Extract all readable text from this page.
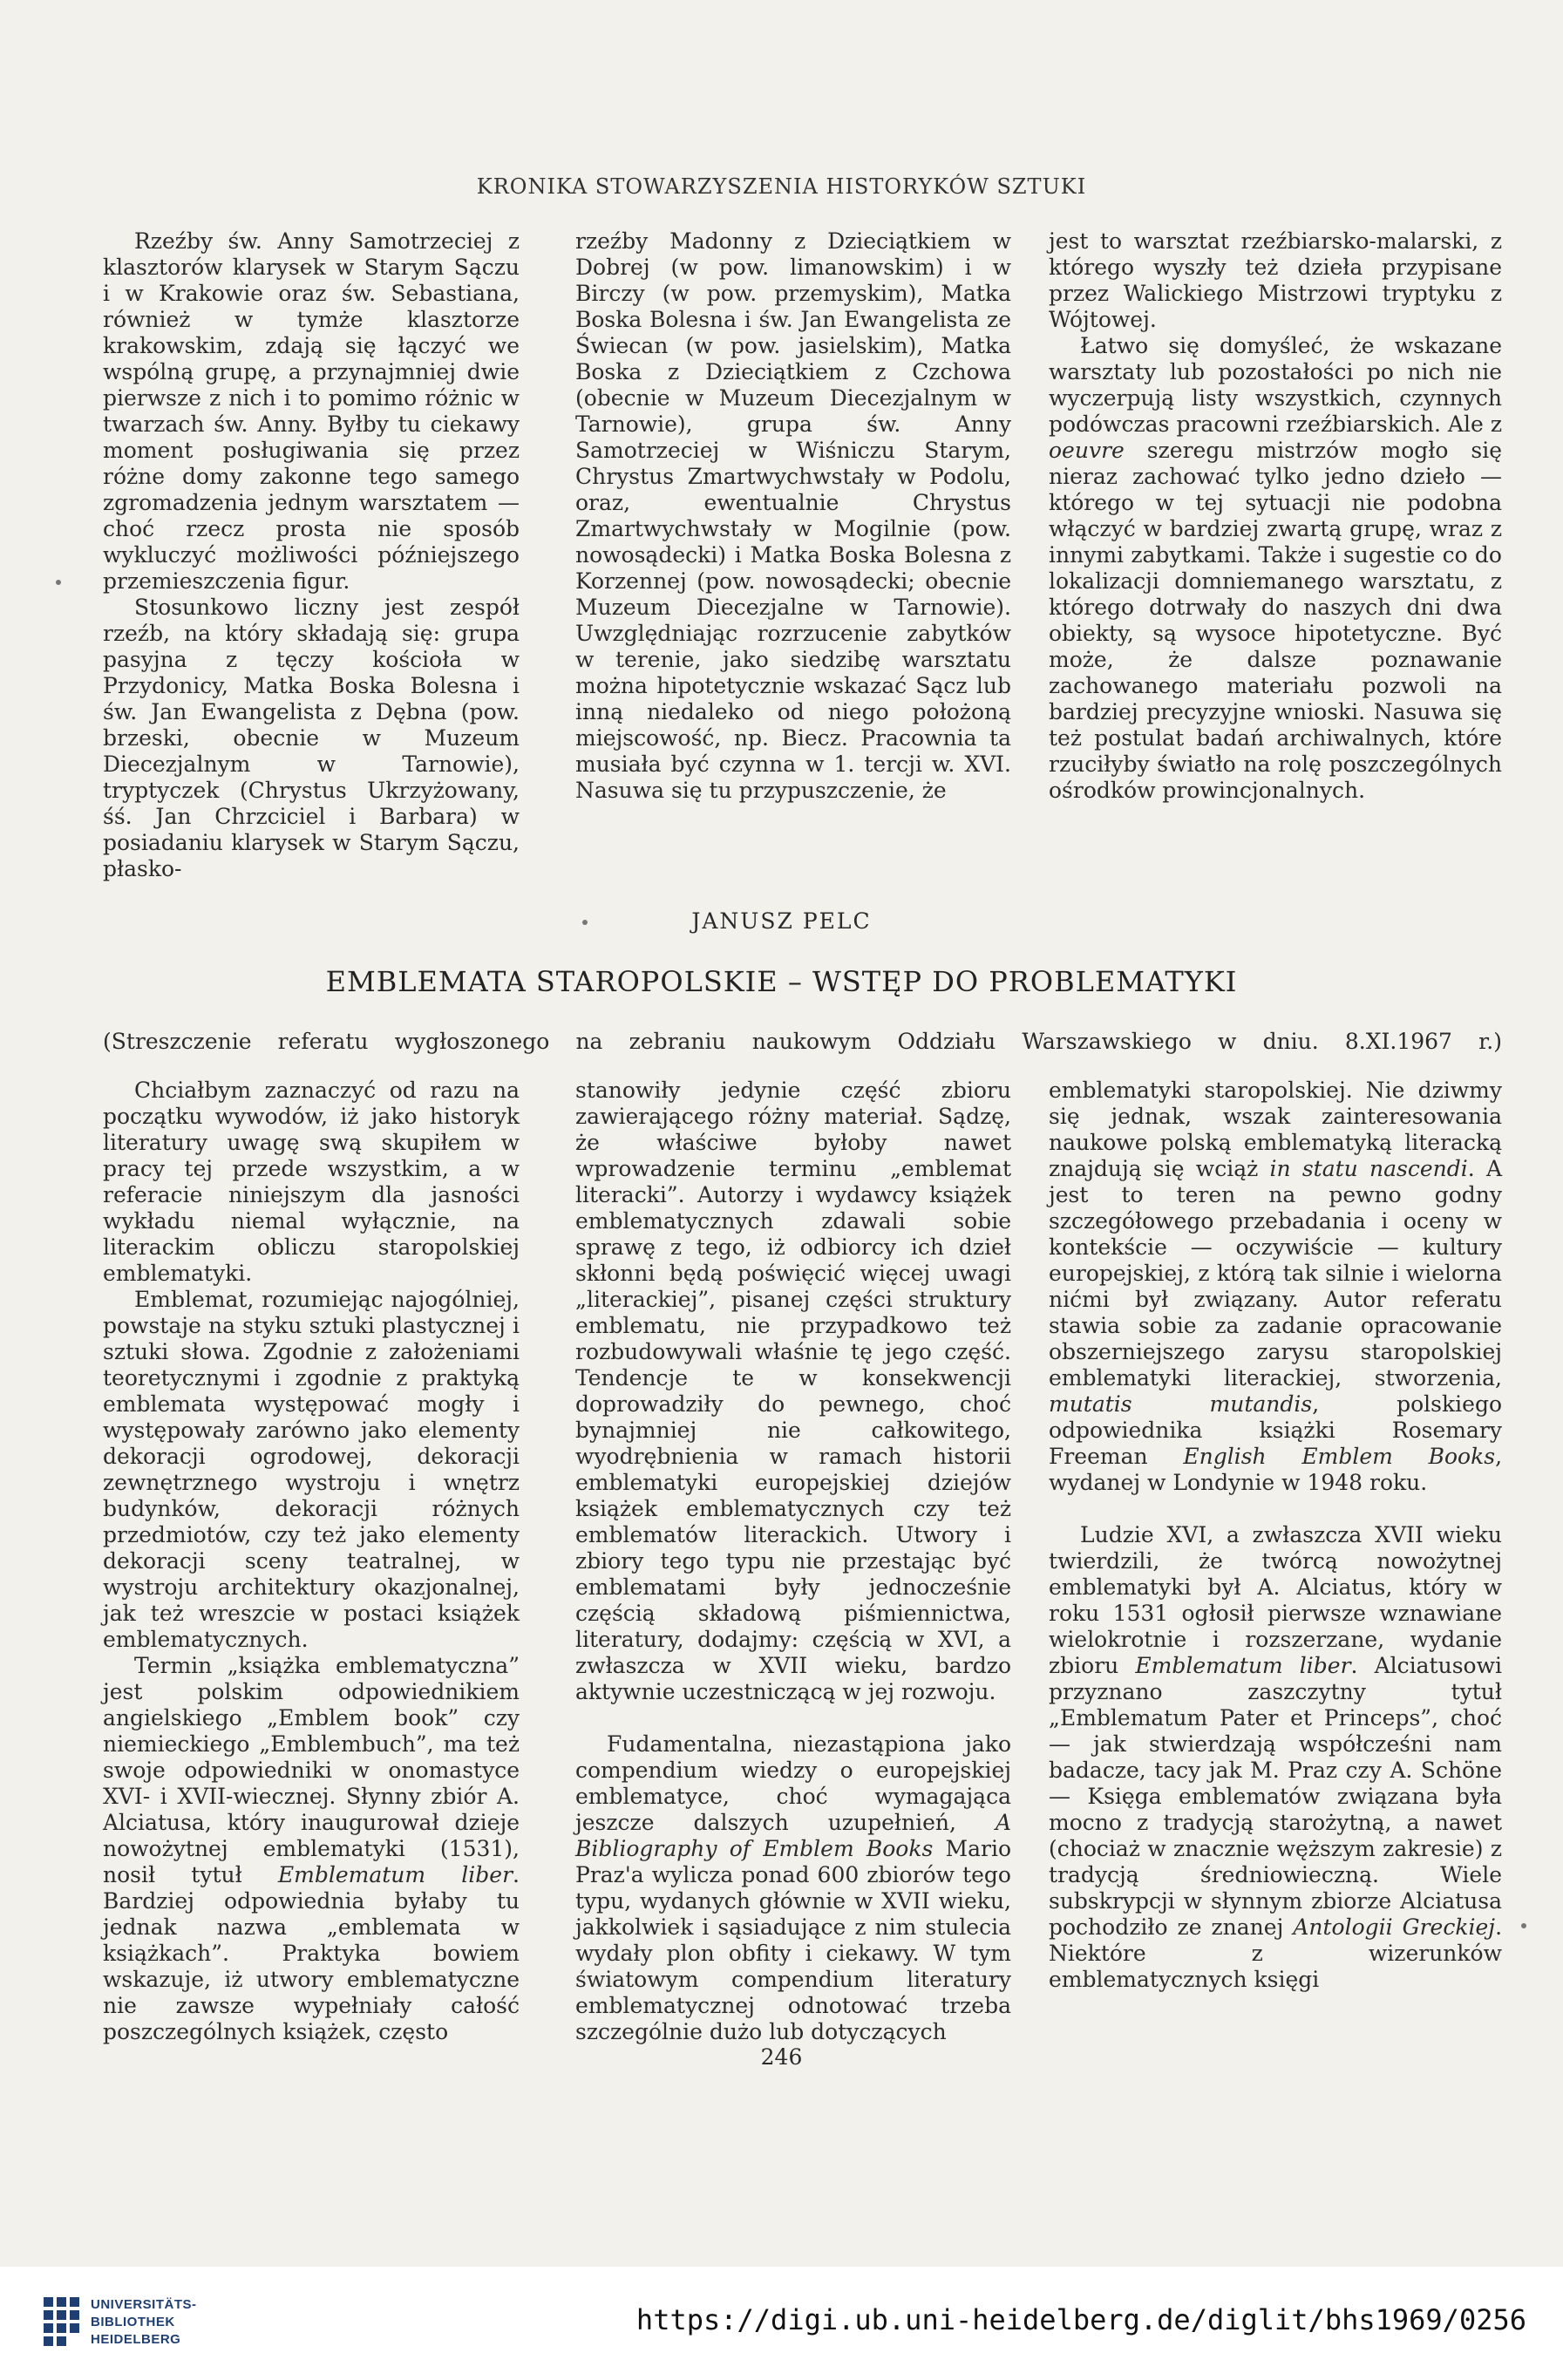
KRONIKA STOWARZYSZENIA HISTORYKÓW SZTUKI

Rzeźby św. Anny Samotrzeciej z klasztorów klarysek w Starym Sączu i w Krakowie oraz św. Sebastiana, również w tymże klasztorze krakowskim, zdają się łączyć we wspólną grupę, a przynajmniej dwie pierwsze z nich i to pomimo różnic w twarzach św. Anny. Byłby tu ciekawy moment posługiwania się przez różne domy zakonne tego samego zgromadzenia jednym warsztatem — choć rzecz prosta nie sposób wykluczyć możliwości późniejszego przemieszczenia figur.

Stosunkowo liczny jest zespół rzeźb, na który składają się: grupa pasyjna z tęczy kościoła w Przydonicy, Matka Boska Bolesna i św. Jan Ewangelista z Dębna (pow. brzeski, obecnie w Muzeum Diecezjalnym w Tarnowie), tryptyczek (Chrystus Ukrzyżowany, śś. Jan Chrzciciel i Barbara) w posiadaniu klarysek w Starym Sączu, płasko-

rzeźby Madonny z Dzieciątkiem w Dobrej (w pow. limanowskim) i w Birczy (w pow. przemyskim), Matka Boska Bolesna i św. Jan Ewangelista ze Świecan (w pow. jasielskim), Matka Boska z Dzieciątkiem z Czchowa (obecnie w Muzeum Diecezjalnym w Tarnowie), grupa św. Anny Samotrzeciej w Wiśniczu Starym, Chrystus Zmartwychwstały w Podolu, oraz, ewentualnie Chrystus Zmartwychwstały w Mogilnie (pow. nowosądecki) i Matka Boska Bolesna z Korzennej (pow. nowosądecki; obecnie Muzeum Diecezjalne w Tarnowie). Uwzględniając rozrzucenie zabytków w terenie, jako siedzibę warsztatu można hipotetycznie wskazać Sącz lub inną niedaleko od niego położoną miejscowość, np. Biecz. Pracownia ta musiała być czynna w 1. tercji w. XVI. Nasuwa się tu przypuszczenie, że

jest to warsztat rzeźbiarsko-malarski, z którego wyszły też dzieła przypisane przez Walickiego Mistrzowi tryptyku z Wójtowej.

Łatwo się domyśleć, że wskazane warsztaty lub pozostałości po nich nie wyczerpują listy wszystkich, czynnych podówczas pracowni rzeźbiarskich. Ale z oeuvre szeregu mistrzów mogło się nieraz zachować tylko jedno dzieło — którego w tej sytuacji nie podobna włączyć w bardziej zwartą grupę, wraz z innymi zabytkami. Także i sugestie co do lokalizacji domniemanego warsztatu, z którego dotrwały do naszych dni dwa obiekty, są wysoce hipotetyczne. Być może, że dalsze poznawanie zachowanego materiału pozwoli na bardziej precyzyjne wnioski. Nasuwa się też postulat badań archiwalnych, które rzuciłyby światło na rolę poszczególnych ośrodków prowincjonalnych.

JANUSZ PELC
EMBLEMATA STAROPOLSKIE – WSTĘP DO PROBLEMATYKI
(Streszczenie referatu wygłoszonego na zebraniu naukowym Oddziału Warszawskiego w dniu. 8.XI.1967 r.)

Chciałbym zaznaczyć od razu na początku wywodów, iż jako historyk literatury uwagę swą skupiłem w pracy tej przede wszystkim, a w referacie niniejszym dla jasności wykładu niemal wyłącznie, na literackim obliczu staropolskiej emblematyki.

Emblemat, rozumiejąc najogólniej, powstaje na styku sztuki plastycznej i sztuki słowa. Zgodnie z założeniami teoretycznymi i zgodnie z praktyką emblemata występować mogły i występowały zarówno jako elementy dekoracji ogrodowej, dekoracji zewnętrznego wystroju i wnętrz budynków, dekoracji różnych przedmiotów, czy też jako elementy dekoracji sceny teatralnej, w wystroju architektury okazjonalnej, jak też wreszcie w postaci książek emblematycznych.

Termin „książka emblematyczna” jest polskim odpowiednikiem angielskiego „Emblem book” czy niemieckiego „Emblembuch”, ma też swoje odpowiedniki w onomastyce XVI- i XVII-wiecznej. Słynny zbiór A. Alciatusa, który inaugurował dzieje nowożytnej emblematyki (1531), nosił tytuł Emblematum liber. Bardziej odpowiednia byłaby tu jednak nazwa „emblemata w książkach”. Praktyka bowiem wskazuje, iż utwory emblematyczne nie zawsze wypełniały całość poszczególnych książek, często

stanowiły jedynie część zbioru zawierającego różny materiał. Sądzę, że właściwe byłoby nawet wprowadzenie terminu „emblemat literacki”. Autorzy i wydawcy książek emblematycznych zdawali sobie sprawę z tego, iż odbiorcy ich dzieł skłonni będą poświęcić więcej uwagi „literackiej”, pisanej części struktury emblematu, nie przypadkowo też rozbudowywali właśnie tę jego część. Tendencje te w konsekwencji doprowadziły do pewnego, choć bynajmniej nie całkowitego, wyodrębnienia w ramach historii emblematyki europejskiej dziejów książek emblematycznych czy też emblematów literackich. Utwory i zbiory tego typu nie przestając być emblematami były jednocześnie częścią składową piśmiennictwa, literatury, dodajmy: częścią w XVI, a zwłaszcza w XVII wieku, bardzo aktywnie uczestniczącą w jej rozwoju.

Fudamentalna, niezastąpiona jako compendium wiedzy o europejskiej emblematyce, choć wymagająca jeszcze dalszych uzupełnień, A Bibliography of Emblem Books Mario Praz'a wylicza ponad 600 zbiorów tego typu, wydanych głównie w XVII wieku, jakkolwiek i sąsiadujące z nim stulecia wydały plon obfity i ciekawy. W tym światowym compendium literatury emblematycznej odnotować trzeba szczególnie dużo lub dotyczących

emblematyki staropolskiej. Nie dziwmy się jednak, wszak zainteresowania naukowe polską emblematyką literacką znajdują się wciąż in statu nascendi. A jest to teren na pewno godny szczegółowego przebadania i oceny w kontekście — oczywiście — kultury europejskiej, z którą tak silnie i wielorna nićmi był związany. Autor referatu stawia sobie za zadanie opracowanie obszerniejszego zarysu staropolskiej emblematyki literackiej, stworzenia, mutatis mutandis, polskiego odpowiednika książki Rosemary Freeman English Emblem Books, wydanej w Londynie w 1948 roku.

Ludzie XVI, a zwłaszcza XVII wieku twierdzili, że twórcą nowożytnej emblematyki był A. Alciatus, który w roku 1531 ogłosił pierwsze wznawiane wielokrotnie i rozszerzane, wydanie zbioru Emblematum liber. Alciatusowi przyznano zaszczytny tytuł „Emblematum Pater et Princeps”, choć — jak stwierdzają współcześni nam badacze, tacy jak M. Praz czy A. Schöne — Księga emblematów związana była mocno z tradycją starożytną, a nawet (chociaż w znacznie węższym zakresie) z tradycją średniowieczną. Wiele subskrypcji w słynnym zbiorze Alciatusa pochodziło ze znanej Antologii Greckiej. Niektóre z wizerunków emblematycznych księgi

246
UNIVERSITÄTS-
BIBLIOTHEK
HEIDELBERG
https://digi.ub.uni-heidelberg.de/diglit/bhs1969/0256
